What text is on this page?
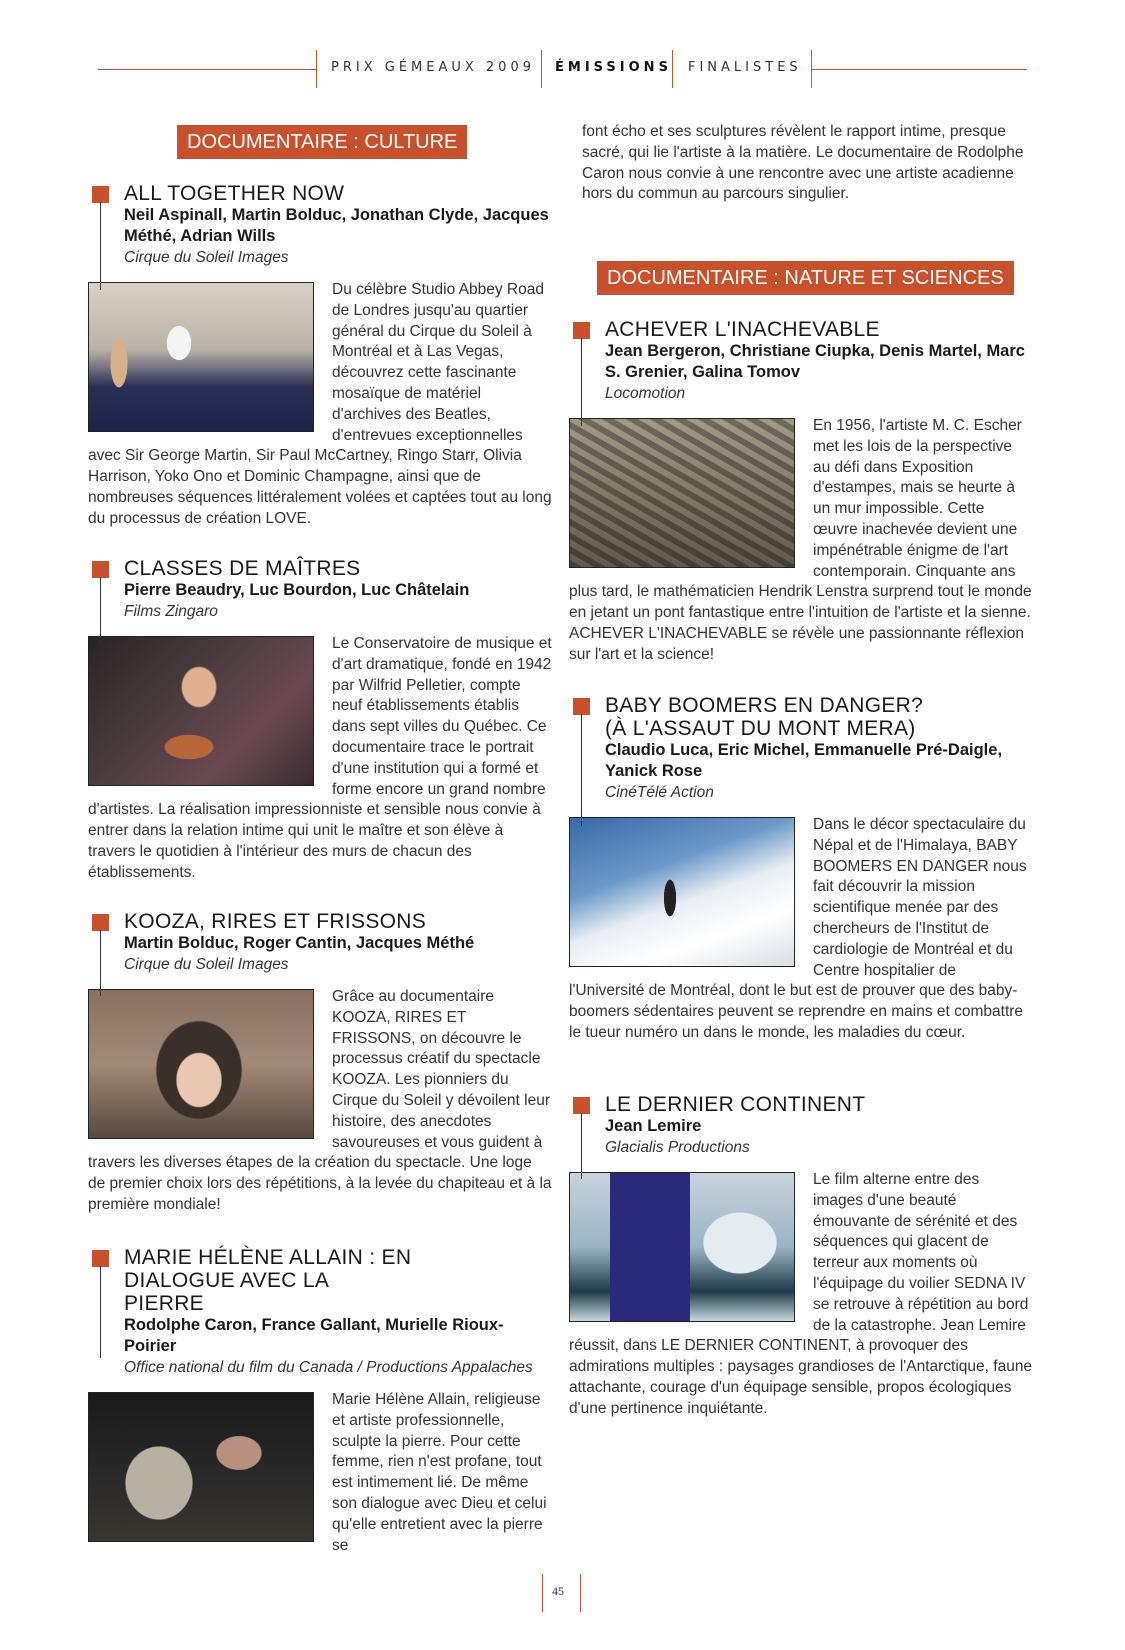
PRIX GÉMEAUX 2009 ÉMISSIONS FINALISTES
DOCUMENTAIRE : CULTURE
DOCUMENTAIRE : NATURE ET SCIENCES
ALL TOGETHER NOW
Neil Aspinall, Martin Bolduc, Jonathan Clyde, Jacques Méthé, Adrian Wills
Cirque du Soleil Images
Du célèbre Studio Abbey Road de Londres jusqu'au quartier général du Cirque du Soleil à Montréal et à Las Vegas, découvrez cette fascinante mosaïque de matériel d'archives des Beatles, d'entrevues exceptionnelles avec Sir George Martin, Sir Paul McCartney, Ringo Starr, Olivia Harrison, Yoko Ono et Dominic Champagne, ainsi que de nombreuses séquences littéralement volées et captées tout au long du processus de création LOVE.
CLASSES DE MAÎTRES
Pierre Beaudry, Luc Bourdon, Luc Châtelain
Films Zingaro
Le Conservatoire de musique et d'art dramatique, fondé en 1942 par Wilfrid Pelletier, compte neuf établissements établis dans sept villes du Québec. Ce documentaire trace le portrait d'une institution qui a formé et forme encore un grand nombre d'artistes. La réalisation impressionniste et sensible nous convie à entrer dans la relation intime qui unit le maître et son élève à travers le quotidien à l'intérieur des murs de chacun des établissements.
KOOZA, RIRES ET FRISSONS
Martin Bolduc, Roger Cantin, Jacques Méthé
Cirque du Soleil Images
Grâce au documentaire KOOZA, RIRES ET FRISSONS, on découvre le processus créatif du spectacle KOOZA. Les pionniers du Cirque du Soleil y dévoilent leur histoire, des anecdotes savoureuses et vous guident à travers les diverses étapes de la création du spectacle. Une loge de premier choix lors des répétitions, à la levée du chapiteau et à la première mondiale!
MARIE HÉLÈNE ALLAIN : EN DIALOGUE AVEC LA PIERRE
Rodolphe Caron, France Gallant, Murielle Rioux-Poirier
Office national du film du Canada / Productions Appalaches
Marie Hélène Allain, religieuse et artiste professionnelle, sculpte la pierre. Pour cette femme, rien n'est profane, tout est intimement lié. De même son dialogue avec Dieu et celui qu'elle entretient avec la pierre se
font écho et ses sculptures révèlent le rapport intime, presque sacré, qui lie l'artiste à la matière. Le documentaire de Rodolphe Caron nous convie à une rencontre avec une artiste acadienne hors du commun au parcours singulier.
ACHEVER L'INACHEVABLE
Jean Bergeron, Christiane Ciupka, Denis Martel, Marc S. Grenier, Galina Tomov
Locomotion
En 1956, l'artiste M. C. Escher met les lois de la perspective au défi dans Exposition d'estampes, mais se heurte à un mur impossible. Cette œuvre inachevée devient une impénétrable énigme de l'art contemporain. Cinquante ans plus tard, le mathématicien Hendrik Lenstra surprend tout le monde en jetant un pont fantastique entre l'intuition de l'artiste et la sienne. ACHEVER L'INACHEVABLE se révèle une passionnante réflexion sur l'art et la science!
BABY BOOMERS EN DANGER? (À L'ASSAUT DU MONT MERA)
Claudio Luca, Eric Michel, Emmanuelle Pré-Daigle, Yanick Rose
CinéTélé Action
Dans le décor spectaculaire du Népal et de l'Himalaya, BABY BOOMERS EN DANGER nous fait découvrir la mission scientifique menée par des chercheurs de l'Institut de cardiologie de Montréal et du Centre hospitalier de l'Université de Montréal, dont le but est de prouver que des baby-boomers sédentaires peuvent se reprendre en mains et combattre le tueur numéro un dans le monde, les maladies du cœur.
LE DERNIER CONTINENT
Jean Lemire
Glacialis Productions
Le film alterne entre des images d'une beauté émouvante de sérénité et des séquences qui glacent de terreur aux moments où l'équipage du voilier SEDNA IV se retrouve à répétition au bord de la catastrophe. Jean Lemire réussit, dans LE DERNIER CONTINENT, à provoquer des admirations multiples : paysages grandioses de l'Antarctique, faune attachante, courage d'un équipage sensible, propos écologiques d'une pertinence inquiétante.
45
